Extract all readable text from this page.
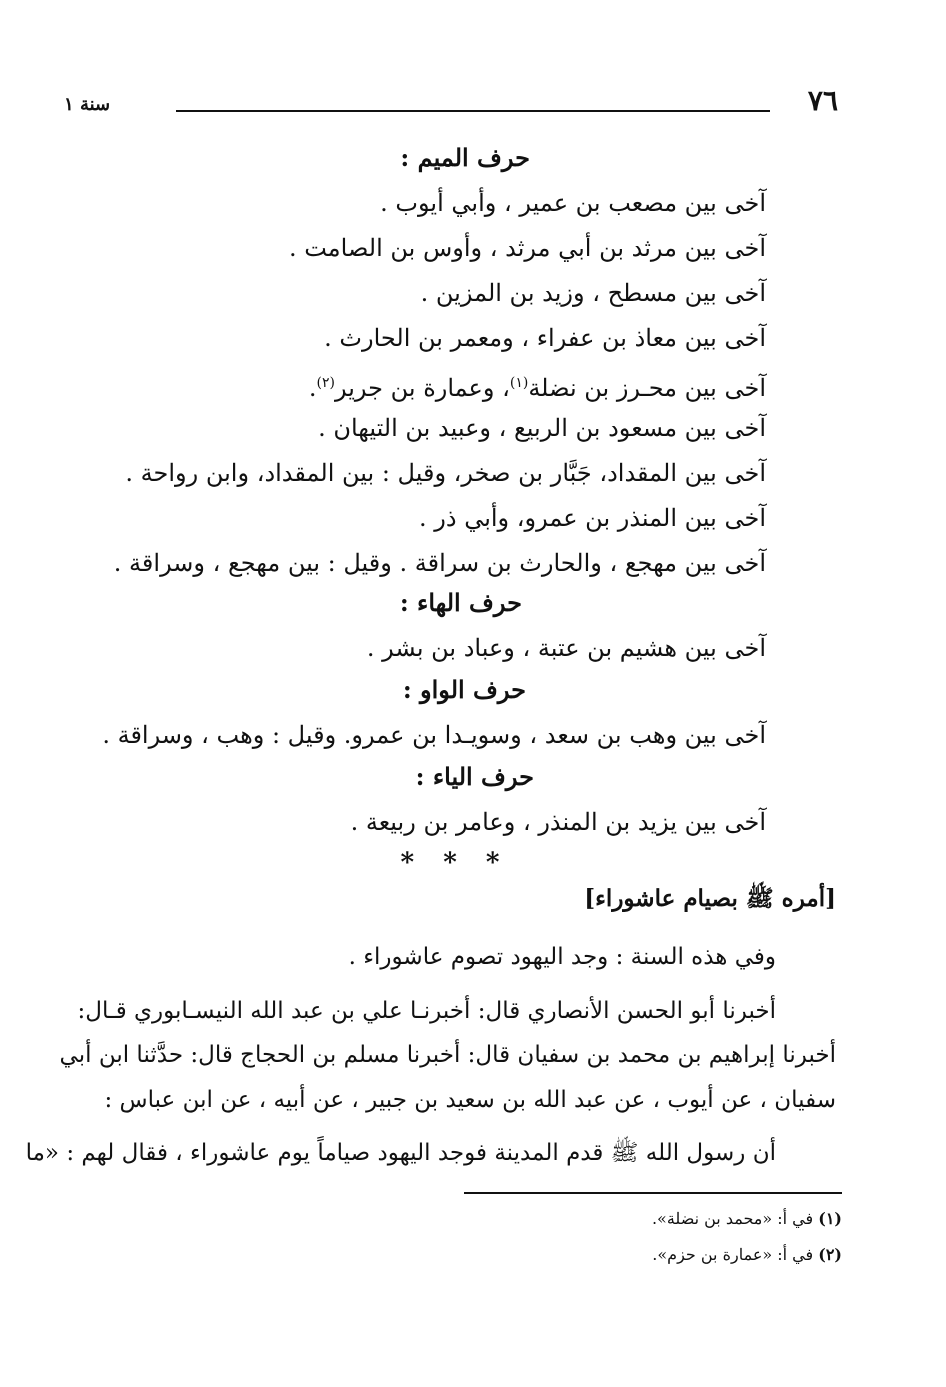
٧٦
سنة ١
حرف الميم :
آخى بين مصعب بن عمير ، وأبي أيوب .
آخى بين مرثد بن أبي مرثد ، وأوس بن الصامت .
آخى بين مسطح ، وزيد بن المزين .
آخى بين معاذ بن عفراء ، ومعمر بن الحارث .
آخى بين محـرز بن نضلة$^{(١)}$، وعمارة بن جرير$^{(٢)}$.
آخى بين مسعود بن الربيع ، وعبيد بن التيهان .
آخى بين المقداد، جَبَّار بن صخر، وقيل : بين المقداد، وابن رواحة .
آخى بين المنذر بن عمرو، وأبي ذر .
آخى بين مهجع ، والحارث بن سراقة . وقيل : بين مهجع ، وسراقة .
حرف الهاء :
آخى بين هشيم بن عتبة ، وعباد بن بشر .
حرف الواو :
آخى بين وهب بن سعد ، وسويـدا بن عمرو. وقيل : وهب ، وسراقة .
حرف الياء :
آخى بين يزيد بن المنذر ، وعامر بن ربيعة .
* * *
[أمره ﷺ بصيام عاشوراء]
وفي هذه السنة : وجد اليهود تصوم عاشوراء .
أخبرنا أبو الحسن الأنصاري قال: أخبرنـا علي بن عبد الله النيسـابوري قـال:
أخبرنا إبراهيم بن محمد بن سفيان قال: أخبرنا مسلم بن الحجاج قال: حدَّثنا ابن أبي
سفيان ، عن أيوب ، عن عبد الله بن سعيد بن جبير ، عن أبيه ، عن ابن عباس :
أن رسول الله ﷺ قدم المدينة فوجد اليهود صياماً يوم عاشوراء ، فقال لهم : «ما
(١) في أ: «محمد بن نضلة».
(٢) في أ: «عمارة بن حزم».
